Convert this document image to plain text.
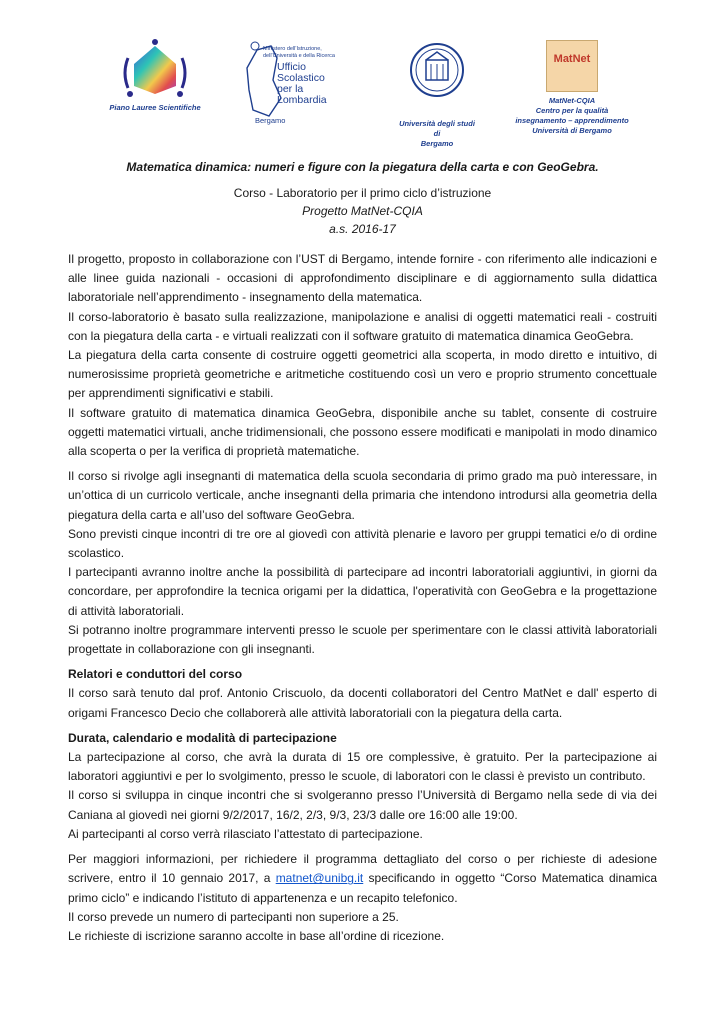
Piano Lauree Scientifiche
Ministero dell'Istruzione,
dell'Università e della Ricerca
Ufficio
Scolastico
per la
Lombardia
Bergamo	Università degli studi di
Bergamo
MatNet
MatNet-CQIA
Centro per la qualità
insegnamento – apprendimento
Università di Bergamo
Matematica dinamica: numeri e figure con la piegatura della carta e con GeoGebra.
Corso - Laboratorio per il primo ciclo d’istruzione
Progetto MatNet-CQIA
a.s. 2016-17

Il progetto, proposto in collaborazione con l’UST di Bergamo, intende fornire - con riferimento alle indicazioni e alle linee guida nazionali - occasioni di approfondimento disciplinare e di aggiornamento sulla didattica laboratoriale nell’apprendimento - insegnamento della matematica.

Il corso-laboratorio è basato sulla realizzazione, manipolazione e analisi di oggetti matematici reali - costruiti con la piegatura della carta - e virtuali realizzati con il software gratuito di matematica dinamica GeoGebra.

La piegatura della carta consente di costruire oggetti geometrici alla scoperta, in modo diretto e intuitivo, di numerosissime proprietà geometriche e aritmetiche costituendo così un vero e proprio strumento concettuale per apprendimenti significativi e stabili.

Il software gratuito di matematica dinamica GeoGebra, disponibile anche su tablet, consente di costruire oggetti matematici virtuali, anche tridimensionali, che possono essere modificati e manipolati in modo dinamico alla scoperta o per la verifica di proprietà matematiche.

Il corso si rivolge agli insegnanti di matematica della scuola secondaria di primo grado ma può interessare, in un’ottica di un curricolo verticale, anche insegnanti della primaria che intendono introdursi alla geometria della piegatura della carta e all’uso del software GeoGebra.

Sono previsti cinque incontri di tre ore al giovedì con attività plenarie e lavoro per gruppi tematici e/o di ordine scolastico.

I partecipanti avranno inoltre anche la possibilità di partecipare ad incontri laboratoriali aggiuntivi, in giorni da concordare, per approfondire la tecnica origami per la didattica, l'operatività con GeoGebra e la progettazione di attività laboratoriali.

Si potranno inoltre programmare interventi presso le scuole per sperimentare con le classi attività laboratoriali progettate in collaborazione con gli insegnanti.

Relatori e conduttori del corso

Il corso sarà tenuto dal prof. Antonio Criscuolo, da docenti collaboratori del Centro MatNet e dall' esperto di origami Francesco Decio che collaborerà alle attività laboratoriali con la piegatura della carta.

Durata, calendario e modalità di partecipazione

La partecipazione al corso, che avrà la durata di 15 ore complessive, è gratuito. Per la partecipazione ai laboratori aggiuntivi e per lo svolgimento, presso le scuole, di laboratori con le classi è previsto un contributo.

Il corso si sviluppa in cinque incontri che si svolgeranno presso l’Università di Bergamo nella sede di via dei Caniana al giovedì nei giorni 9/2/2017, 16/2, 2/3, 9/3, 23/3 dalle ore 16:00 alle 19:00.

Ai partecipanti al corso verrà rilasciato l’attestato di partecipazione.

Per maggiori informazioni, per richiedere il programma dettagliato del corso o per richieste di adesione scrivere, entro il 10 gennaio 2017, a matnet@unibg.it specificando in oggetto “Corso Matematica dinamica primo ciclo” e indicando l’istituto di appartenenza e un recapito telefonico.

Il corso prevede un numero di partecipanti non superiore a 25.

Le richieste di iscrizione saranno accolte in base all’ordine di ricezione.
